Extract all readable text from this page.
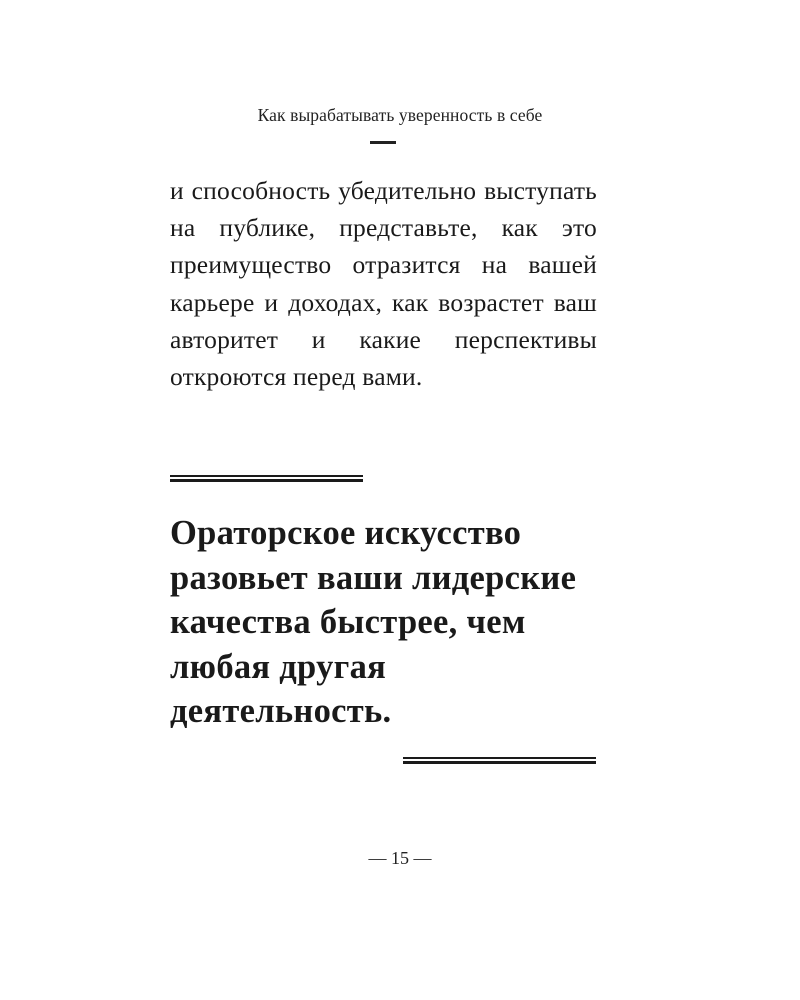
Как вырабатывать уверенность в себе

и способность убедительно выступать на публике, представьте, как это преимущество отразится на вашей карьере и доходах, как возрастет ваш авторитет и какие перспективы откроются перед вами.

Ораторское искусство разовьет ваши лидерские качества быстрее, чем любая другая деятельность.

— 15 —
